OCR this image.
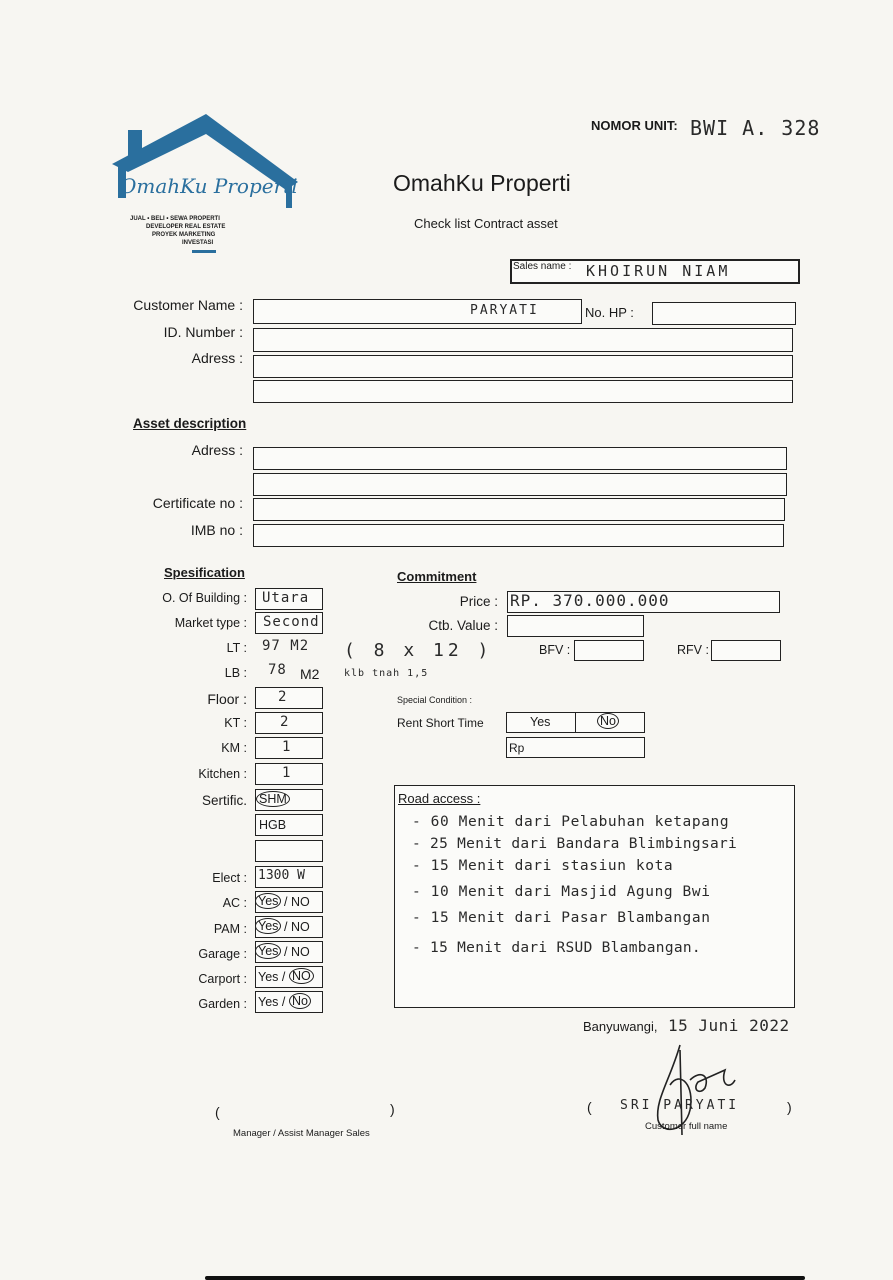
NOMOR UNIT: BWI A. 328
OmahKu Properti
JUAL • BELI • SEWA PROPERTI
DEVELOPER REAL ESTATE
PROYEK MARKETING
INVESTASI
OmahKu Properti
Check list Contract asset
Sales name : KHOIRUN NIAM
Customer Name :	PARYATI	No. HP :
ID. Number :
Adress :
Asset description
Adress :
Certificate no :
IMB no :
Spesification
O. Of Building : Utara
Market type : Second
LT : 97 M2 ( 8 x 12 )
LB : 78 M2 klb tnah 1,5
Floor : 2
KT : 2
KM :	1
Kitchen :	1
Sertific. SHM
HGB
Elect : 1300 W
AC : Yes / NO
PAM : Yes / NO
Garage : Yes / NO
Carport : Yes / NO
Garden : Yes / No
Commitment
Price : RP. 370.000.000
Ctb. Value :
BFV :	RFV :
Special Condition :
Rent Short Time	Yes	No
Rp
Road access :
- 60 Menit dari Pelabuhan ketapang
- 25 Menit dari Bandara Blimbingsari
- 15 Menit dari stasiun kota
- 10 Menit dari Masjid Agung Bwi
- 15 Menit dari Pasar Blambangan
- 15 Menit dari RSUD Blambangan.
Banyuwangi, 15 Juni 2022
(	)
Manager / Assist Manager Sales
( SRI PARYATI	)
Customer full name
